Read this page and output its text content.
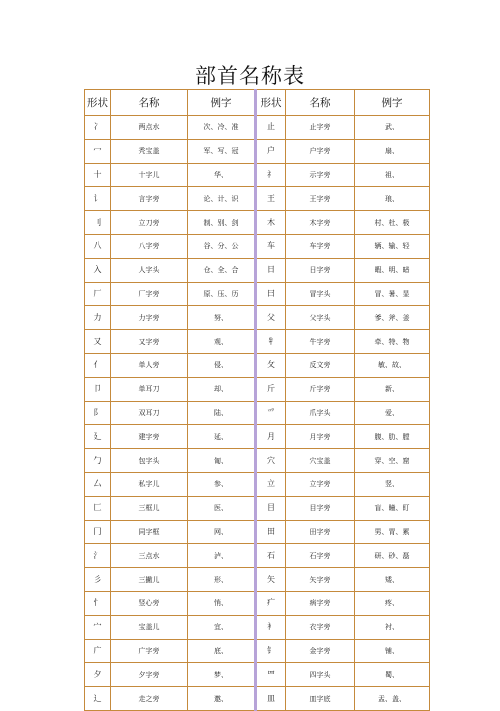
部首名称表
形状	名称	例字	形状	名称	例字
冫	两点水	次、冷、准	止	止字旁	武、
冖	秃宝盖	军、写、冠	户	户字旁	扇、
十	十字儿	华、	礻	示字旁	祖、
讠	言字旁	论、计、识	王	王字旁	琅、
刂	立刀旁	制、别、剑	木	木字旁	村、杜、极
八	八字旁	谷、分、公	车	车字旁	辆、输、轻
入	人字头	仓、全、合	日	日字旁	暇、明、暗
厂	厂字旁	原、压、历	曰	冒字头	冒、暑、显
力	力字旁	努、	父	父字头	爹、斧、釜
又	又字旁	观、	牜	牛字旁	牵、特、物
亻	单人旁	侵、	攵	反文旁	敏、故、
卩	单耳刀	却、	斤	斤字旁	新、
阝	双耳刀	陆、	爫	爪字头	爱、
廴	建字旁	延、	月	月字旁	腹、肋、膛
勹	包字头	匍、	穴	穴宝盖	穿、空、窟
厶	私字儿	参、	立	立字旁	竖、
匚	三框儿	医、	目	目字旁	盲、瞳、盯
冂	同字框	网、	田	田字旁	男、胃、累
氵	三点水	泸、	石	石字旁	研、砂、磊
彡	三撇儿	形、	矢	矢字旁	矮、
忄	竖心旁	悄、	疒	病字旁	疼、
宀	宝盖儿	宜、	衤	衣字旁	衬、
广	广字旁	底、	钅	金字旁	铺、
夕	夕字旁	梦、	罒	四字头	蜀、
辶	走之旁	邀、	皿	皿字底	盂、盖、
